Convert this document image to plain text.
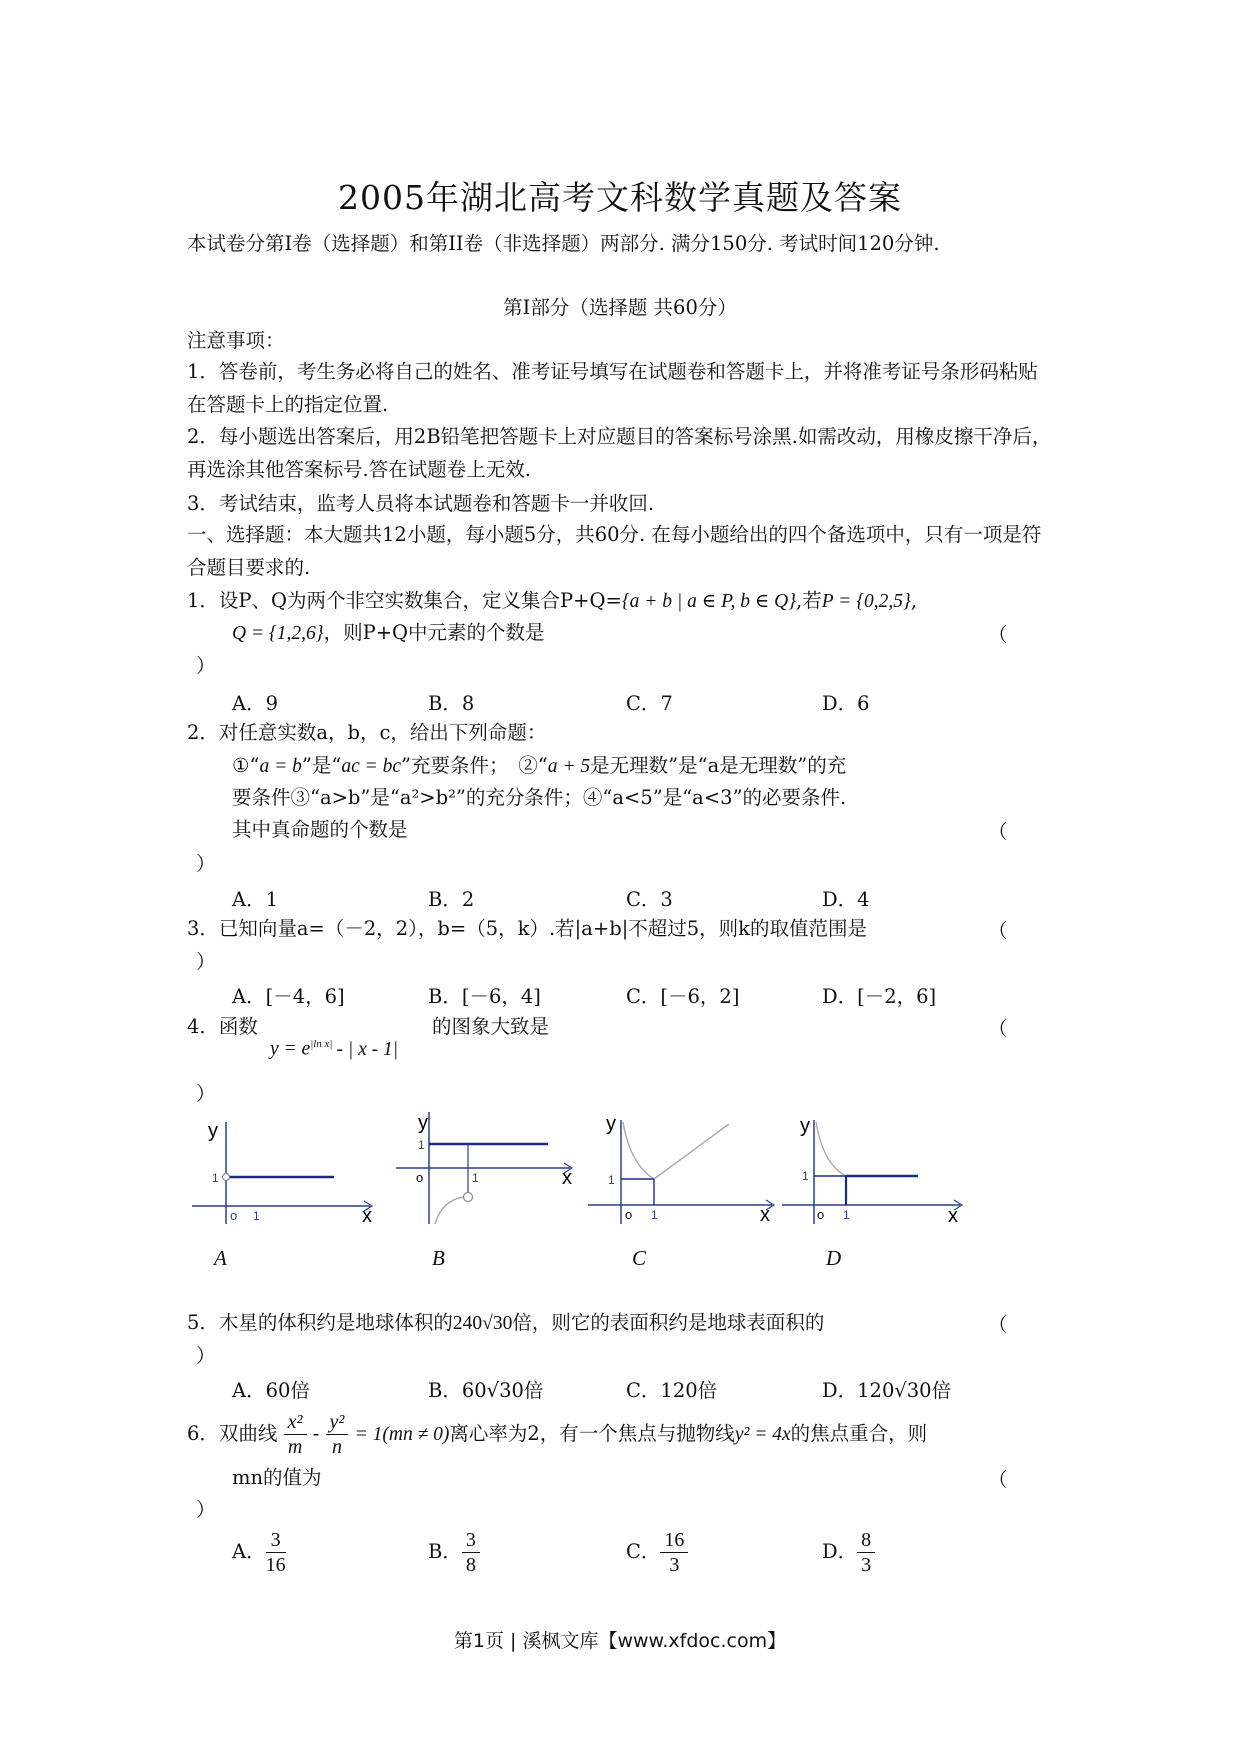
2005年湖北高考文科数学真题及答案
本试卷分第Ⅰ卷（选择题）和第II卷（非选择题）两部分. 满分150分. 考试时间120分钟.
第Ⅰ部分（选择题 共60分）
注意事项：
1．答卷前，考生务必将自己的姓名、准考证号填写在试题卷和答题卡上，并将准考证号条形码粘贴在答题卡上的指定位置.
2．每小题选出答案后，用2B铅笔把答题卡上对应题目的答案标号涂黑.如需改动，用橡皮擦干净后，再选涂其他答案标号.答在试题卷上无效.
3．考试结束，监考人员将本试题卷和答题卡一并收回.
一、选择题：本大题共12小题，每小题5分，共60分. 在每小题给出的四个备选项中，只有一项是符合题目要求的.
1．设P、Q为两个非空实数集合，定义集合P+Q={a + b | a ∈ P, b ∈ Q},若P = {0,2,5},
Q = {1,2,6}，则P+Q中元素的个数是	（
）
A．9	B．8	C．7	D．6
2．对任意实数a，b，c，给出下列命题：
①“a = b”是“ac = bc”充要条件；　②“a + 5是无理数”是“a是无理数”的充
要条件③“a>b”是“a²>b²”的充分条件；④“a<5”是“a<3”的必要条件.
其中真命题的个数是	（
）
A．1	B．2	C．3	D．4
3．已知向量a=（－2，2），b=（5，k）.若|a+b|不超过5，则k的取值范围是	（
）
A．[－4，6]	B．[－6，4]	C．[－6，2]	D．[－2，6]
4．函数
$y = e^{|ln x|}$ - | x - 1|
的图象大致是	（
）
y
x
o 1
1
A
y
x
o	1
1
B
y
x
o 1
1
C
y
x
o 1
1
D
5．木星的体积约是地球体积的240√30倍，则它的表面积约是地球表面积的	（
）
A．60倍	B．60√30倍	C．120倍	D．120√30倍
6．双曲线 $\frac{\text{x²}}{m} - \frac{\text{y²}}{n} = 1(mn \ne 0)$离心率为2，有一个焦点与抛物线y² = 4x的焦点重合，则
mn的值为	（
）
A． $\frac{3}{16}$	B． $\frac{3}{8}$	C． $\frac{16}{3}$	D． $\frac{8}{3}$
第1页 | 溪枫文库【www.xfdoc.com】
